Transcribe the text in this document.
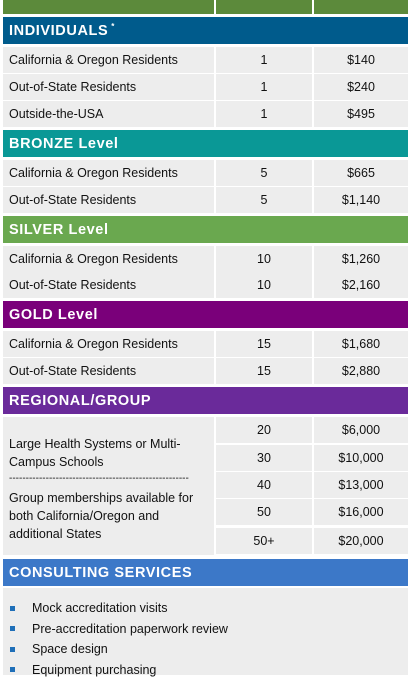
INDIVIDUALS *
California & Oregon Residents	1	$140
Out-of-State Residents	1	$240
Outside-the-USA	1	$495
BRONZE Level
California & Oregon Residents	5	$665
Out-of-State Residents	5	$1,140
SILVER Level
California & Oregon Residents	10	$1,260
Out-of-State Residents	10	$2,160
GOLD Level
California & Oregon Residents	15	$1,680
Out-of-State Residents	15	$2,880
REGIONAL/GROUP
Large Health Systems or Multi-Campus Schools
------------------------------------------------------
Group memberships available for both California/Oregon and additional States
20	$6,000
30	$10,000
40	$13,000
50	$16,000
50+	$20,000
CONSULTING SERVICES
Mock accreditation visits
Pre-accreditation paperwork review
Space design
Equipment purchasing
